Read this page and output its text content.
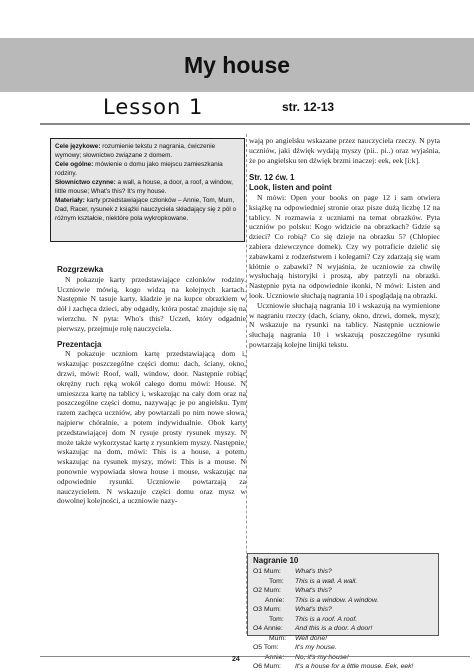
My house
Lesson 1	str. 12-13

Cele językowe: rozumienie tekstu z nagrania, ćwiczenie wymowy; słownictwo związane z domem.

Cele ogólne: mówienie o domu jako miejscu zamieszkania rodziny.

Słownictwo czynne: a wall, a house, a door, a roof, a window, little mouse; What's this? It's my house.

Materiały: karty przedstawiające członków – Annie, Tom, Mum, Dad, Racer, rysunek z książki nauczyciela składający się z pól o różnym kształcie, niektóre pola wykropkowane.

Rozgrzewka

N pokazuje karty przedstawiające członków rodziny. Uczniowie mówią, kogo widzą na kolejnych kartach. Następnie N tasuje karty, kładzie je na kupce obrazkiem w dół i zachęca dzieci, aby odgadły, która postać znajduje się na wierzchu. N pyta: Who's this? Uczeń, który odgadnie pierwszy, przejmuje rolę nauczyciela.

Prezentacja

N pokazuje uczniom kartę przedstawiającą dom i, wskazując poszczególne części domu: dach, ściany, okno, drzwi, mówi: Roof, wall, window, door. Następnie robiąc okrężny ruch ręką wokół całego domu mówi: House. N umieszcza kartę na tablicy i, wskazując na cały dom oraz na poszczególne części domu, nazywając je po angielsku. Tym razem zachęca uczniów, aby powtarzali po nim nowe słowa, najpierw chóralnie, a potem indywidualnie. Obok karty przedstawiającej dom N rysuje prosty rysunek myszy. N może także wykorzystać kartę z rysunkiem myszy. Następnie, wskazując na dom, mówi: This is a house, a potem, wskazując na rysunek myszy, mówi: This is a mouse. N ponownie wypowiada słowa house i mouse, wskazując na odpowiednie rysunki. Uczniowie powtarzają za nauczycielem. N wskazuje części domu oraz mysz w dowolnej kolejności, a uczniowie nazy-

wają po angielsku wskazane przez nauczyciela rzeczy. N pyta uczniów, jaki dźwięk wydają myszy (pii.. pi..) oraz wyjaśnia, że po angielsku ten dźwięk brzmi inaczej: eek, eek [i:k].

Str. 12 ćw. 1

Look, listen and point

N mówi: Open your books on page 12 i sam otwiera książkę na odpowiedniej stronie oraz pisze dużą liczbę 12 na tablicy. N rozmawia z uczniami na temat obrazków. Pyta uczniów po polsku: Kogo widzicie na obrazkach? Gdzie są dzieci? Co robią? Co się dzieje na obrazku 5? (Chłopiec zabiera dziewczynce domek). Czy wy potraficie dzielić się zabawkami z rodzeństwem i kolegami? Czy zdarzają się wam kłótnie o zabawki? N wyjaśnia, że uczniowie za chwilę wysłuchają historyjki i proszą, aby patrzyli na obrazki. Następnie pyta na odpowiednie ikonki, N mówi: Listen and look. Uczniowie słuchają nagrania 10 i spoglądają na obrazki.

Uczniowie słuchają nagrania 10 i wskazują na wymienione w nagraniu rzeczy (dach, ściany, okno, drzwi, domek, mysz); N wskazuje na rysunki na tablicy. Następnie uczniowie słuchają nagrania 10 i wskazują poszczególne rysunki powtarzają kolejne linijki tekstu.

Nagranie 10

O1 Mum: What's this?
Tom: This is a wall. A wall.
O2 Mum: What's this?
Annie: This is a window. A window.
O3 Mum: What's this?
Tom: This is a roof. A roof.
O4 Annie: And this is a door. A door!
Mum: Well done!
O5 Tom: It's my house.
Annie: No, it's my house!
O6 Mum: It's a house for a little mouse. Eek, eek!
24
